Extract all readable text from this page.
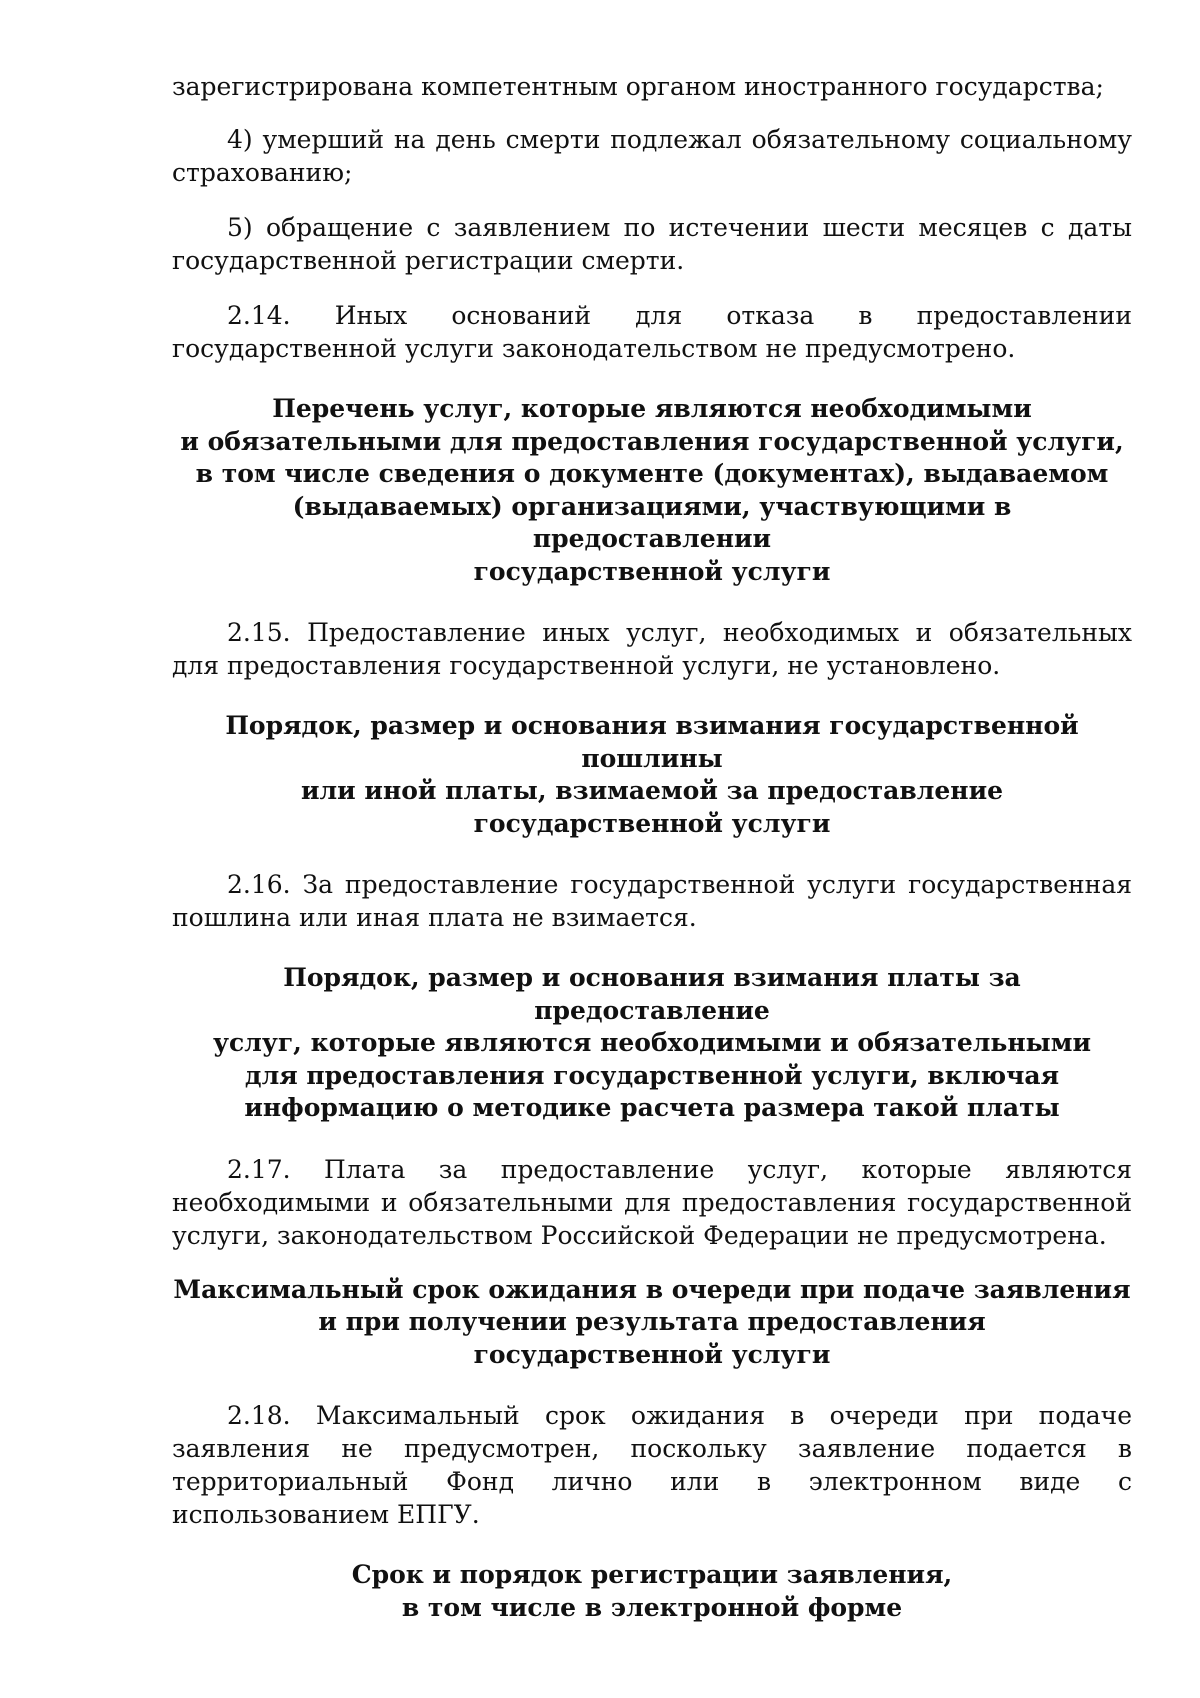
зарегистрирована компетентным органом иностранного государства;

4) умерший на день смерти подлежал обязательному социальному страхованию;

5) обращение с заявлением по истечении шести месяцев с даты государственной регистрации смерти.

2.14. Иных оснований для отказа в предоставлении государственной услуги законодательством не предусмотрено.

Перечень услуг, которые являются необходимыми
и обязательными для предоставления государственной услуги,
в том числе сведения о документе (документах), выдаваемом
(выдаваемых) организациями, участвующими в предоставлении
государственной услуги

2.15. Предоставление иных услуг, необходимых и обязательных для предоставления государственной услуги, не установлено.

Порядок, размер и основания взимания государственной пошлины
или иной платы, взимаемой за предоставление
государственной услуги

2.16. За предоставление государственной услуги государственная пошлина или иная плата не взимается.

Порядок, размер и основания взимания платы за предоставление
услуг, которые являются необходимыми и обязательными
для предоставления государственной услуги, включая
информацию о методике расчета размера такой платы

2.17. Плата за предоставление услуг, которые являются необходимыми и обязательными для предоставления государственной услуги, законодательством Российской Федерации не предусмотрена.

Максимальный срок ожидания в очереди при подаче заявления
и при получении результата предоставления
государственной услуги

2.18. Максимальный срок ожидания в очереди при подаче заявления не предусмотрен, поскольку заявление подается в территориальный Фонд лично или в электронном виде с использованием ЕПГУ.

Срок и порядок регистрации заявления,
в том числе в электронной форме
